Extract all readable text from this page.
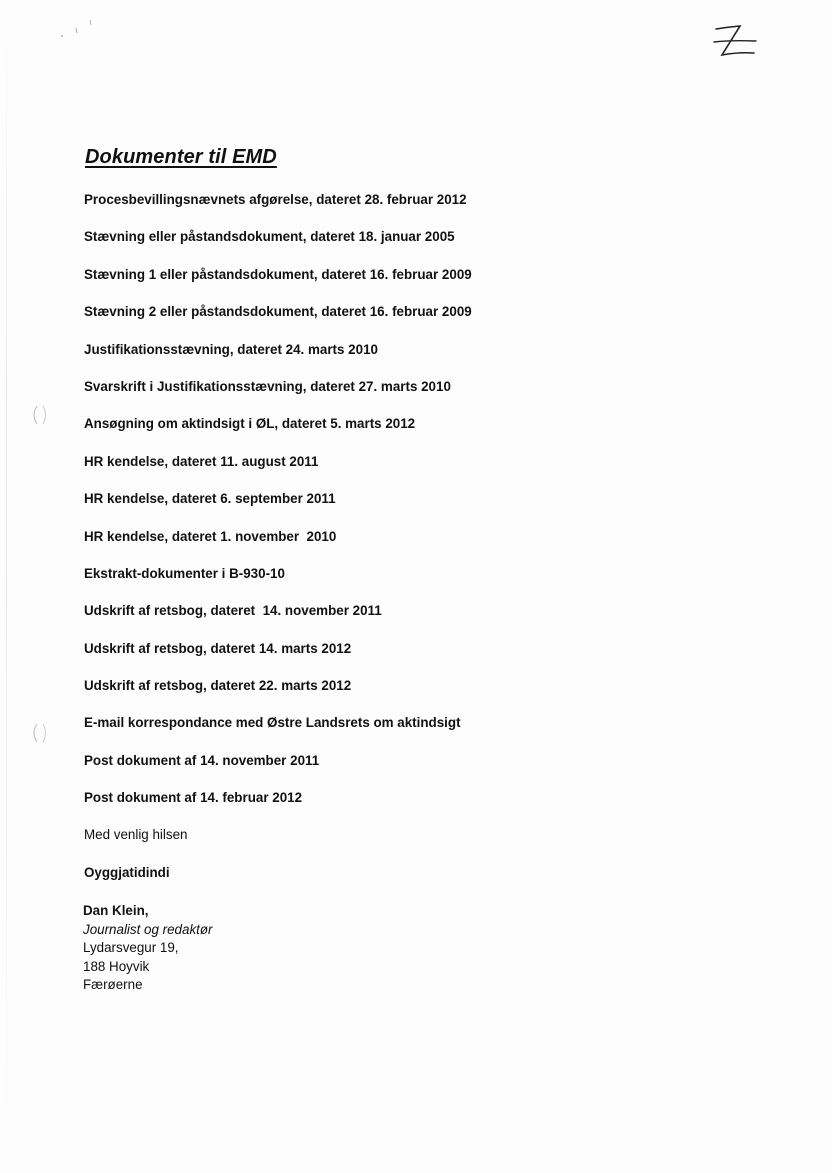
Dokumenter til EMD
Procesbevillingsnævnets afgørelse, dateret 28. februar 2012
Stævning eller påstandsdokument, dateret 18. januar 2005
Stævning 1 eller påstandsdokument, dateret 16. februar 2009
Stævning 2 eller påstandsdokument, dateret 16. februar 2009
Justifikationsstævning, dateret 24. marts 2010
Svarskrift i Justifikationsstævning, dateret 27. marts 2010
Ansøgning om aktindsigt i ØL, dateret 5. marts 2012
HR kendelse, dateret 11. august 2011
HR kendelse, dateret 6. september 2011
HR kendelse, dateret 1. november  2010
Ekstrakt-dokumenter i B-930-10
Udskrift af retsbog, dateret  14. november 2011
Udskrift af retsbog, dateret 14. marts 2012
Udskrift af retsbog, dateret 22. marts 2012
E-mail korrespondance med Østre Landsrets om aktindsigt
Post dokument af 14. november 2011
Post dokument af 14. februar 2012
Med venlig hilsen
Oyggjatidindi
Dan Klein,
Journalist og redaktør
Lydarsvegur 19,
188 Hoyvik
Færøerne
